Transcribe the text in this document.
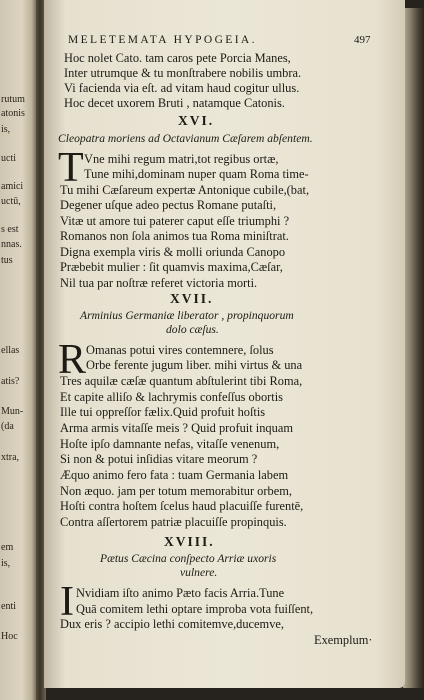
rutum
atonis
is,
ucti
amici
uctū,
s est
nnas.
tus
ellas
atis?
Mun-
(da
xtra,
em
is,
enti
Hoc
MELETEMATA HYPOGEIA.	497
Hoc nolet Cato. tam caros pete Porcia Manes,
Inter utrumque & tu monſtrabere nobilis umbra.
Vi facienda via eſt. ad vitam haud cogitur ullus.
Hoc decet uxorem Bruti , natamque Catonis.
XVI.
Cleopatra moriens ad Octavianum Cæſarem abſentem.
T Vne mihi regum matri,tot regibus ortæ,
Tune mihi,dominam nuper quam Roma time-
Tu mihi Cæſareum expertæ Antonique cubile,(bat,
Degener uſque adeo pectus Romane putaſti,
Vitæ ut amore tui paterer caput eſſe triumphi ?
Romanos non ſola animos tua Roma miniſtrat.
Digna exempla viris & molli oriunda Canopo
Præbebit mulier : ſit quamvis maxima,Cæſar,
Nil tua par noſtræ referet victoria morti.
XVII.
Arminius Germaniæ liberator , propinquorum
dolo cæſus.
R Omanas potui vires contemnere, ſolus
Orbe ferente jugum liber. mihi virtus & una
Tres aquilæ cæſæ quantum abſtulerint tibi Roma,
Et capite alliſo & lachrymis confeſſus obortis
Ille tui oppreſſor fælix.Quid profuit hoſtis
Arma armis vitaſſe meis ? Quid profuit inquam
Hoſte ipſo damnante nefas, vitaſſe venenum,
Si non & potui inſidias vitare meorum ?
Æquo animo fero fata : tuam Germania labem
Non æquo. jam per totum memorabitur orbem,
Hoſti contra hoſtem ſcelus haud placuiſſe furentē,
Contra aſſertorem patriæ placuiſſe propinquis.
XVIII.
Pætus Cæcina conſpecto Arriæ uxoris
vulnere.
I Nvidiam iſto animo Pæto facis Arria.Tune
Quā comitem lethi optare improba vota fuiſſent,
Dux eris ? accipio lethi comitemve,ducemve,
Exemplum·
